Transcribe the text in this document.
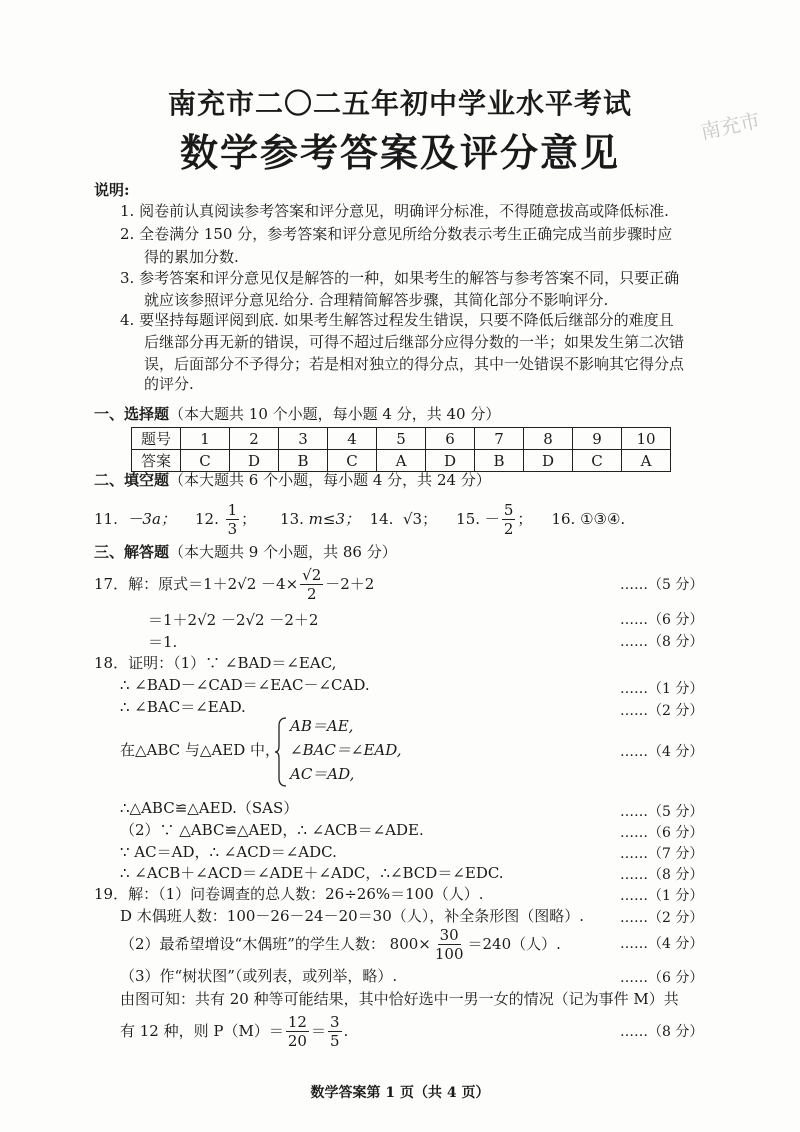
南充市二〇二五年初中学业水平考试
数学参考答案及评分意见
南充市
说明:
1. 阅卷前认真阅读参考答案和评分意见，明确评分标准，不得随意拔高或降低标准.
2. 全卷满分 150 分，参考答案和评分意见所给分数表示考生正确完成当前步骤时应
得的累加分数.
3. 参考答案和评分意见仅是解答的一种，如果考生的解答与参考答案不同，只要正确
就应该参照评分意见给分. 合理精简解答步骤，其简化部分不影响评分.
4. 要坚持每题评阅到底. 如果考生解答过程发生错误，只要不降低后继部分的难度且
后继部分再无新的错误，可得不超过后继部分应得分数的一半；如果发生第二次错
误，后面部分不予得分；若是相对独立的得分点，其中一处错误不影响其它得分点
的评分.
一、选择题（本大题共 10 个小题，每小题 4 分，共 40 分）
题号	1	2	3	4	5	6	7	8	9	10
答案	C	D	B	C	A	D	B	D	C	A
二、填空题（本大题共 6 个小题，每小题 4 分，共 24 分）
11.
－3a；
12.
$\frac{1}{3}$ ；
13.
m≤3；
14.
√3；
15.
－ $\frac{5}{2}$ ；
16.
①③④.
三、解答题（本大题共 9 个小题，共 86 分）
17．解：原式$=1+2√2 -4\times \frac{√2}{2} -2+2$	……（5 分）
＝1＋2√2 －2√2 －2＋2	……（6 分）
＝1.	……（8 分）
18．证明：（1）∵ ∠BAD＝∠EAC,
∴ ∠BAD－∠CAD＝∠EAC－∠CAD.	……（1 分）
∴ ∠BAC＝∠EAD.	……（2 分）
在△ABC 与△AED 中，
AB＝AE,
∠BAC＝∠EAD,
AC＝AD,
……（4 分）
∴△ABC≌△AED.（SAS）	……（5 分）
（2）∵ △ABC≌△AED，∴ ∠ACB＝∠ADE.	……（6 分）
∵ AC＝AD，∴ ∠ACD＝∠ADC.	……（7 分）
∴ ∠ACB＋∠ACD＝∠ADE＋∠ADC，∴∠BCD＝∠EDC.	……（8 分）
19．解：（1）问卷调查的总人数：26÷26%＝100（人）.	……（1 分）
D 木偶班人数：100－26－24－20＝30（人），补全条形图（图略）.	……（2 分）
（2）最希望增设“木偶班”的学生人数：
$800\times \frac{30}{100} =240$（人）.	……（4 分）
（3）作“树状图”（或列表，或列举，略）.	……（6 分）
由图可知：共有 20 种等可能结果，其中恰好选中一男一女的情况（记为事件 M）共
有 12 种，则 $P(M)= \frac{12}{20} = \frac{3}{5}$ .	……（8 分）
数学答案第 1 页（共 4 页）
